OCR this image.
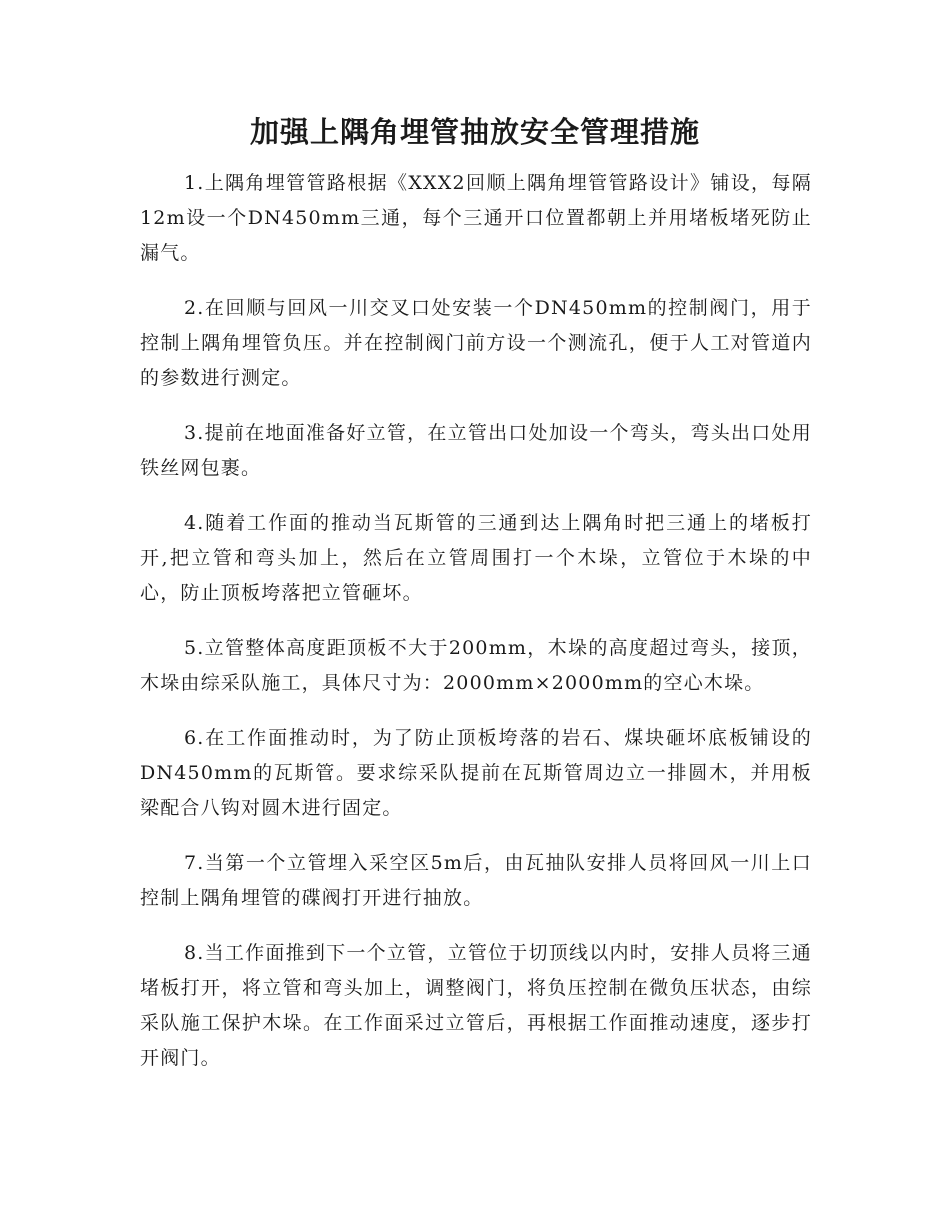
加强上隅角埋管抽放安全管理措施

1.上隅角埋管管路根据《XXX2回顺上隅角埋管管路设计》铺设，每隔12m设一个DN450mm三通，每个三通开口位置都朝上并用堵板堵死防止漏气。

2.在回顺与回风一川交叉口处安装一个DN450mm的控制阀门，用于控制上隅角埋管负压。并在控制阀门前方设一个测流孔，便于人工对管道内的参数进行测定。

3.提前在地面准备好立管，在立管出口处加设一个弯头，弯头出口处用铁丝网包裹。

4.随着工作面的推动当瓦斯管的三通到达上隅角时把三通上的堵板打开,把立管和弯头加上，然后在立管周围打一个木垛，立管位于木垛的中心，防止顶板垮落把立管砸坏。

5.立管整体高度距顶板不大于200mm，木垛的高度超过弯头，接顶，木垛由综采队施工，具体尺寸为：2000mm×2000mm的空心木垛。

6.在工作面推动时，为了防止顶板垮落的岩石、煤块砸坏底板铺设的DN450mm的瓦斯管。要求综采队提前在瓦斯管周边立一排圆木，并用板梁配合八钩对圆木进行固定。

7.当第一个立管埋入采空区5m后，由瓦抽队安排人员将回风一川上口控制上隅角埋管的碟阀打开进行抽放。

8.当工作面推到下一个立管，立管位于切顶线以内时，安排人员将三通堵板打开，将立管和弯头加上，调整阀门，将负压控制在微负压状态，由综采队施工保护木垛。在工作面采过立管后，再根据工作面推动速度，逐步打开阀门。
